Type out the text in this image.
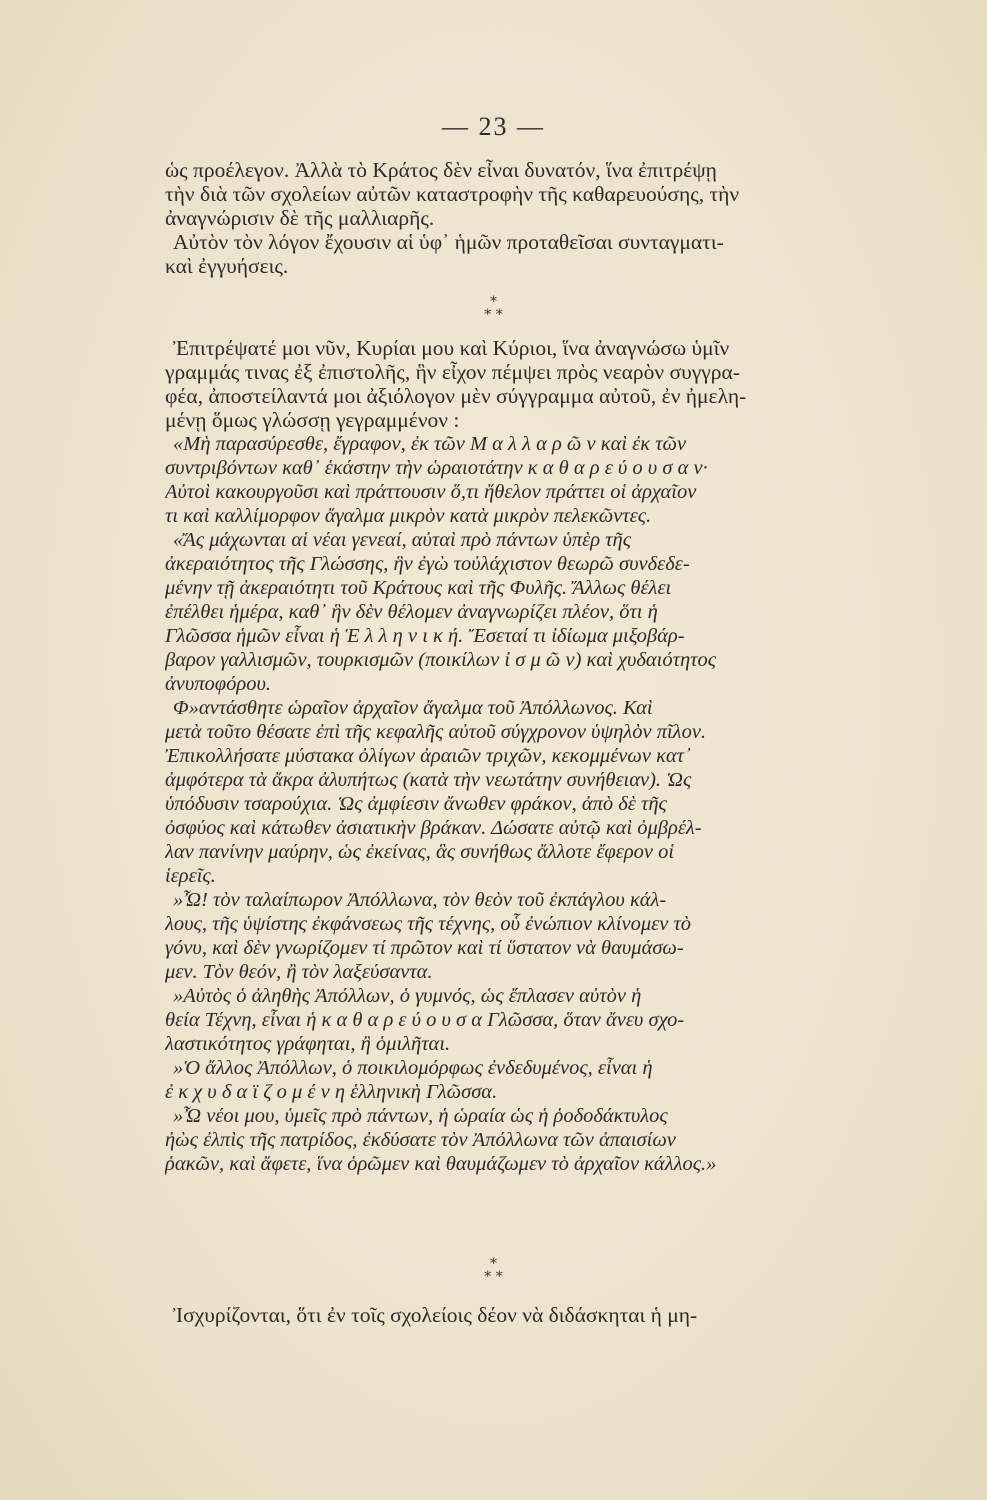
— 23 —
ὡς προέλεγον. Ἀλλὰ τὸ Κράτος δὲν εἶναι δυνατόν, ἵνα ἐπιτρέψῃ
τὴν διὰ τῶν σχολείων αὐτῶν καταστροφὴν τῆς καθαρευούσης, τὴν
ἀναγνώρισιν δὲ τῆς μαλλιαρῆς.
Αὐτὸν τὸν λόγον ἔχουσιν αἱ ὑφ᾽ ἡμῶν προταθεῖσαι συνταγματι-
καὶ ἐγγυήσεις.
*
* *
Ἐπιτρέψατέ μοι νῦν, Κυρίαι μου καὶ Κύριοι, ἵνα ἀναγνώσω ὑμῖν
γραμμάς τινας ἐξ ἐπιστολῆς, ἣν εἶχον πέμψει πρὸς νεαρὸν συγγρα-
φέα, ἀποστείλαντά μοι ἀξιόλογον μὲν σύγγραμμα αὐτοῦ, ἐν ἠμελη-
μένῃ ὅμως γλώσσῃ γεγραμμένον :
«Μὴ παρασύρεσθε, ἔγραφον, ἐκ τῶν Μ α λ λ α ρ ῶ ν καὶ ἐκ τῶν
συντριβόντων καθ᾽ ἑκάστην τὴν ὡραιοτάτην κ α θ α ρ ε ύ ο υ σ α ν·
Αὐτοὶ κακουργοῦσι καὶ πράττουσιν ὅ,τι ἤθελον πράττει οἱ ἀρχαῖον
τι καὶ καλλίμορφον ἄγαλμα μικρὸν κατὰ μικρὸν πελεκῶντες.
«Ἄς μάχωνται αἱ νέαι γενεαί, αὐταὶ πρὸ πάντων ὑπὲρ τῆς
ἀκεραιότητος τῆς Γλώσσης, ἣν ἐγὼ τοὐλάχιστον θεωρῶ συνδεδε-
μένην τῇ ἀκεραιότητι τοῦ Κράτους καὶ τῆς Φυλῆς. Ἄλλως θέλει
ἐπέλθει ἡμέρα, καθ᾽ ἣν δὲν θέλομεν ἀναγνωρίζει πλέον, ὅτι ἡ
Γλῶσσα ἡμῶν εἶναι ἡ Ἑ λ λ η ν ι κ ή. Ἔσεταί τι ἰδίωμα μιξοβάρ-
βαρον γαλλισμῶν, τουρκισμῶν (ποικίλων ἰ σ μ ῶ ν) καὶ χυδαιότητος
ἀνυποφόρου.
Φ»αντάσθητε ὡραῖον ἀρχαῖον ἄγαλμα τοῦ Ἀπόλλωνος. Καὶ
μετὰ τοῦτο θέσατε ἐπὶ τῆς κεφαλῆς αὐτοῦ σύγχρονον ὑψηλὸν πῖλον.
Ἐπικολλήσατε μύστακα ὀλίγων ἀραιῶν τριχῶν, κεκομμένων κατ᾽
ἀμφότερα τὰ ἄκρα ἀλυπήτως (κατὰ τὴν νεωτάτην συνήθειαν). Ὡς
ὑπόδυσιν τσαρούχια. Ὡς ἀμφίεσιν ἄνωθεν φράκον, ἀπὸ δὲ τῆς
ὀσφύος καὶ κάτωθεν ἀσιατικὴν βράκαν. Δώσατε αὐτῷ καὶ ὀμβρέλ-
λαν πανίνην μαύρην, ὡς ἐκείνας, ἃς συνήθως ἄλλοτε ἔφερον οἱ
ἱερεῖς.
»Ὦ! τὸν ταλαίπωρον Ἀπόλλωνα, τὸν θεὸν τοῦ ἐκπάγλου κάλ-
λους, τῆς ὑψίστης ἐκφάνσεως τῆς τέχνης, οὗ ἐνώπιον κλίνομεν τὸ
γόνυ, καὶ δὲν γνωρίζομεν τί πρῶτον καὶ τί ὕστατον νὰ θαυμάσω-
μεν. Τὸν θεόν, ἢ τὸν λαξεύσαντα.
»Αὐτὸς ὁ ἀληθὴς Ἀπόλλων, ὁ γυμνός, ὡς ἔπλασεν αὐτὸν ἡ
θεία Τέχνη, εἶναι ἡ κ α θ α ρ ε ύ ο υ σ α Γλῶσσα, ὅταν ἄνευ σχο-
λαστικότητος γράφηται, ἢ ὁμιλῆται.
»Ὁ ἄλλος Ἀπόλλων, ὁ ποικιλομόρφως ἐνδεδυμένος, εἶναι ἡ
ἐ κ χ υ δ α ϊ ζ ο μ έ ν η ἑλληνικὴ Γλῶσσα.
»Ὦ νέοι μου, ὑμεῖς πρὸ πάντων, ἡ ὡραία ὡς ἡ ῥοδοδάκτυλος
ἠὼς ἐλπὶς τῆς πατρίδος, ἐκδύσατε τὸν Ἀπόλλωνα τῶν ἀπαισίων
ῥακῶν, καὶ ἄφετε, ἵνα ὁρῶμεν καὶ θαυμάζωμεν τὸ ἀρχαῖον κάλλος.»
*
* *
Ἰσχυρίζονται, ὅτι ἐν τοῖς σχολείοις δέον νὰ διδάσκηται ἡ μη-
